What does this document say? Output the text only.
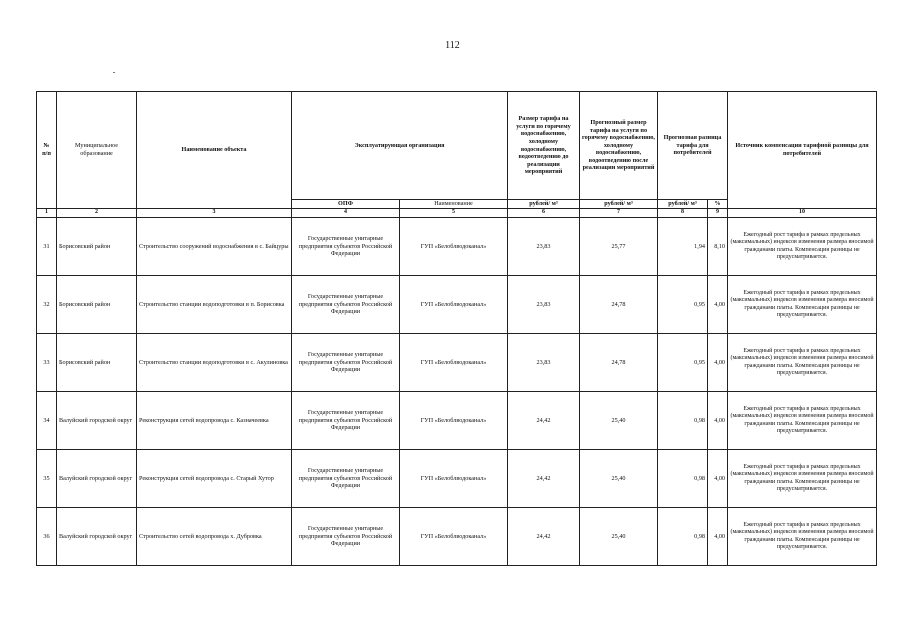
112
№
п/п	Муниципальное образование	Наименование объекта	Эксплуатирующая организация		Размер тарифа на услуги по горячему водоснабжению, холодному водоснабжению, водоотведению до реализации мероприятий	Прогнозный размер тарифа на услуги по горячему водоснабжению, холодному водоснабжению, водоотведению после реализации мероприятий	Прогнозная разница тарифа для потребителей		Источник компенсации тарифной разницы для потребителей
			ОПФ	Наименование	рублей/ м³	рублей/ м³	рублей/ м³	%	
1	2	3	4	5	6	7	8	9	10
31	Борисовский район	Строительство сооружений водоснабжения в с. Байцуры	Государственные унитарные предприятия субъектов Российской Федерации	ГУП «Белоблводоканал»	23,83	25,77	1,94	8,10	Ежегодный рост тарифа в рамках предельных (максимальных) индексов изменения размера вносимой гражданами платы. Компенсация разницы не предусматривается.
32	Борисовский район	Строительство станции водоподготовки в п. Борисовка	Государственные унитарные предприятия субъектов Российской Федерации	ГУП «Белоблводоканал»	23,83	24,78	0,95	4,00	Ежегодный рост тарифа в рамках предельных (максимальных) индексов изменения размера вносимой гражданами платы. Компенсация разницы не предусматривается.
33	Борисовский район	Строительство станции водоподготовки в с. Акулиновка	Государственные унитарные предприятия субъектов Российской Федерации	ГУП «Белоблводоканал»	23,83	24,78	0,95	4,00	Ежегодный рост тарифа в рамках предельных (максимальных) индексов изменения размера вносимой гражданами платы. Компенсация разницы не предусматривается.
34	Валуйский городской округ	Реконструкция сетей водопровода с. Казначеевка	Государственные унитарные предприятия субъектов Российской Федерации	ГУП «Белоблводоканал»	24,42	25,40	0,98	4,00	Ежегодный рост тарифа в рамках предельных (максимальных) индексов изменения размера вносимой гражданами платы. Компенсация разницы не предусматривается.
35	Валуйский городской округ	Реконструкция сетей водопровода с. Старый Хутор	Государственные унитарные предприятия субъектов Российской Федерации	ГУП «Белоблводоканал»	24,42	25,40	0,98	4,00	Ежегодный рост тарифа в рамках предельных (максимальных) индексов изменения размера вносимой гражданами платы. Компенсация разницы не предусматривается.
36	Валуйский городской округ	Строительство сетей водопровода х. Дубровка	Государственные унитарные предприятия субъектов Российской Федерации	ГУП «Белоблводоканал»	24,42	25,40	0,98	4,00	Ежегодный рост тарифа в рамках предельных (максимальных) индексов изменения размера вносимой гражданами платы. Компенсация разницы не предусматривается.
